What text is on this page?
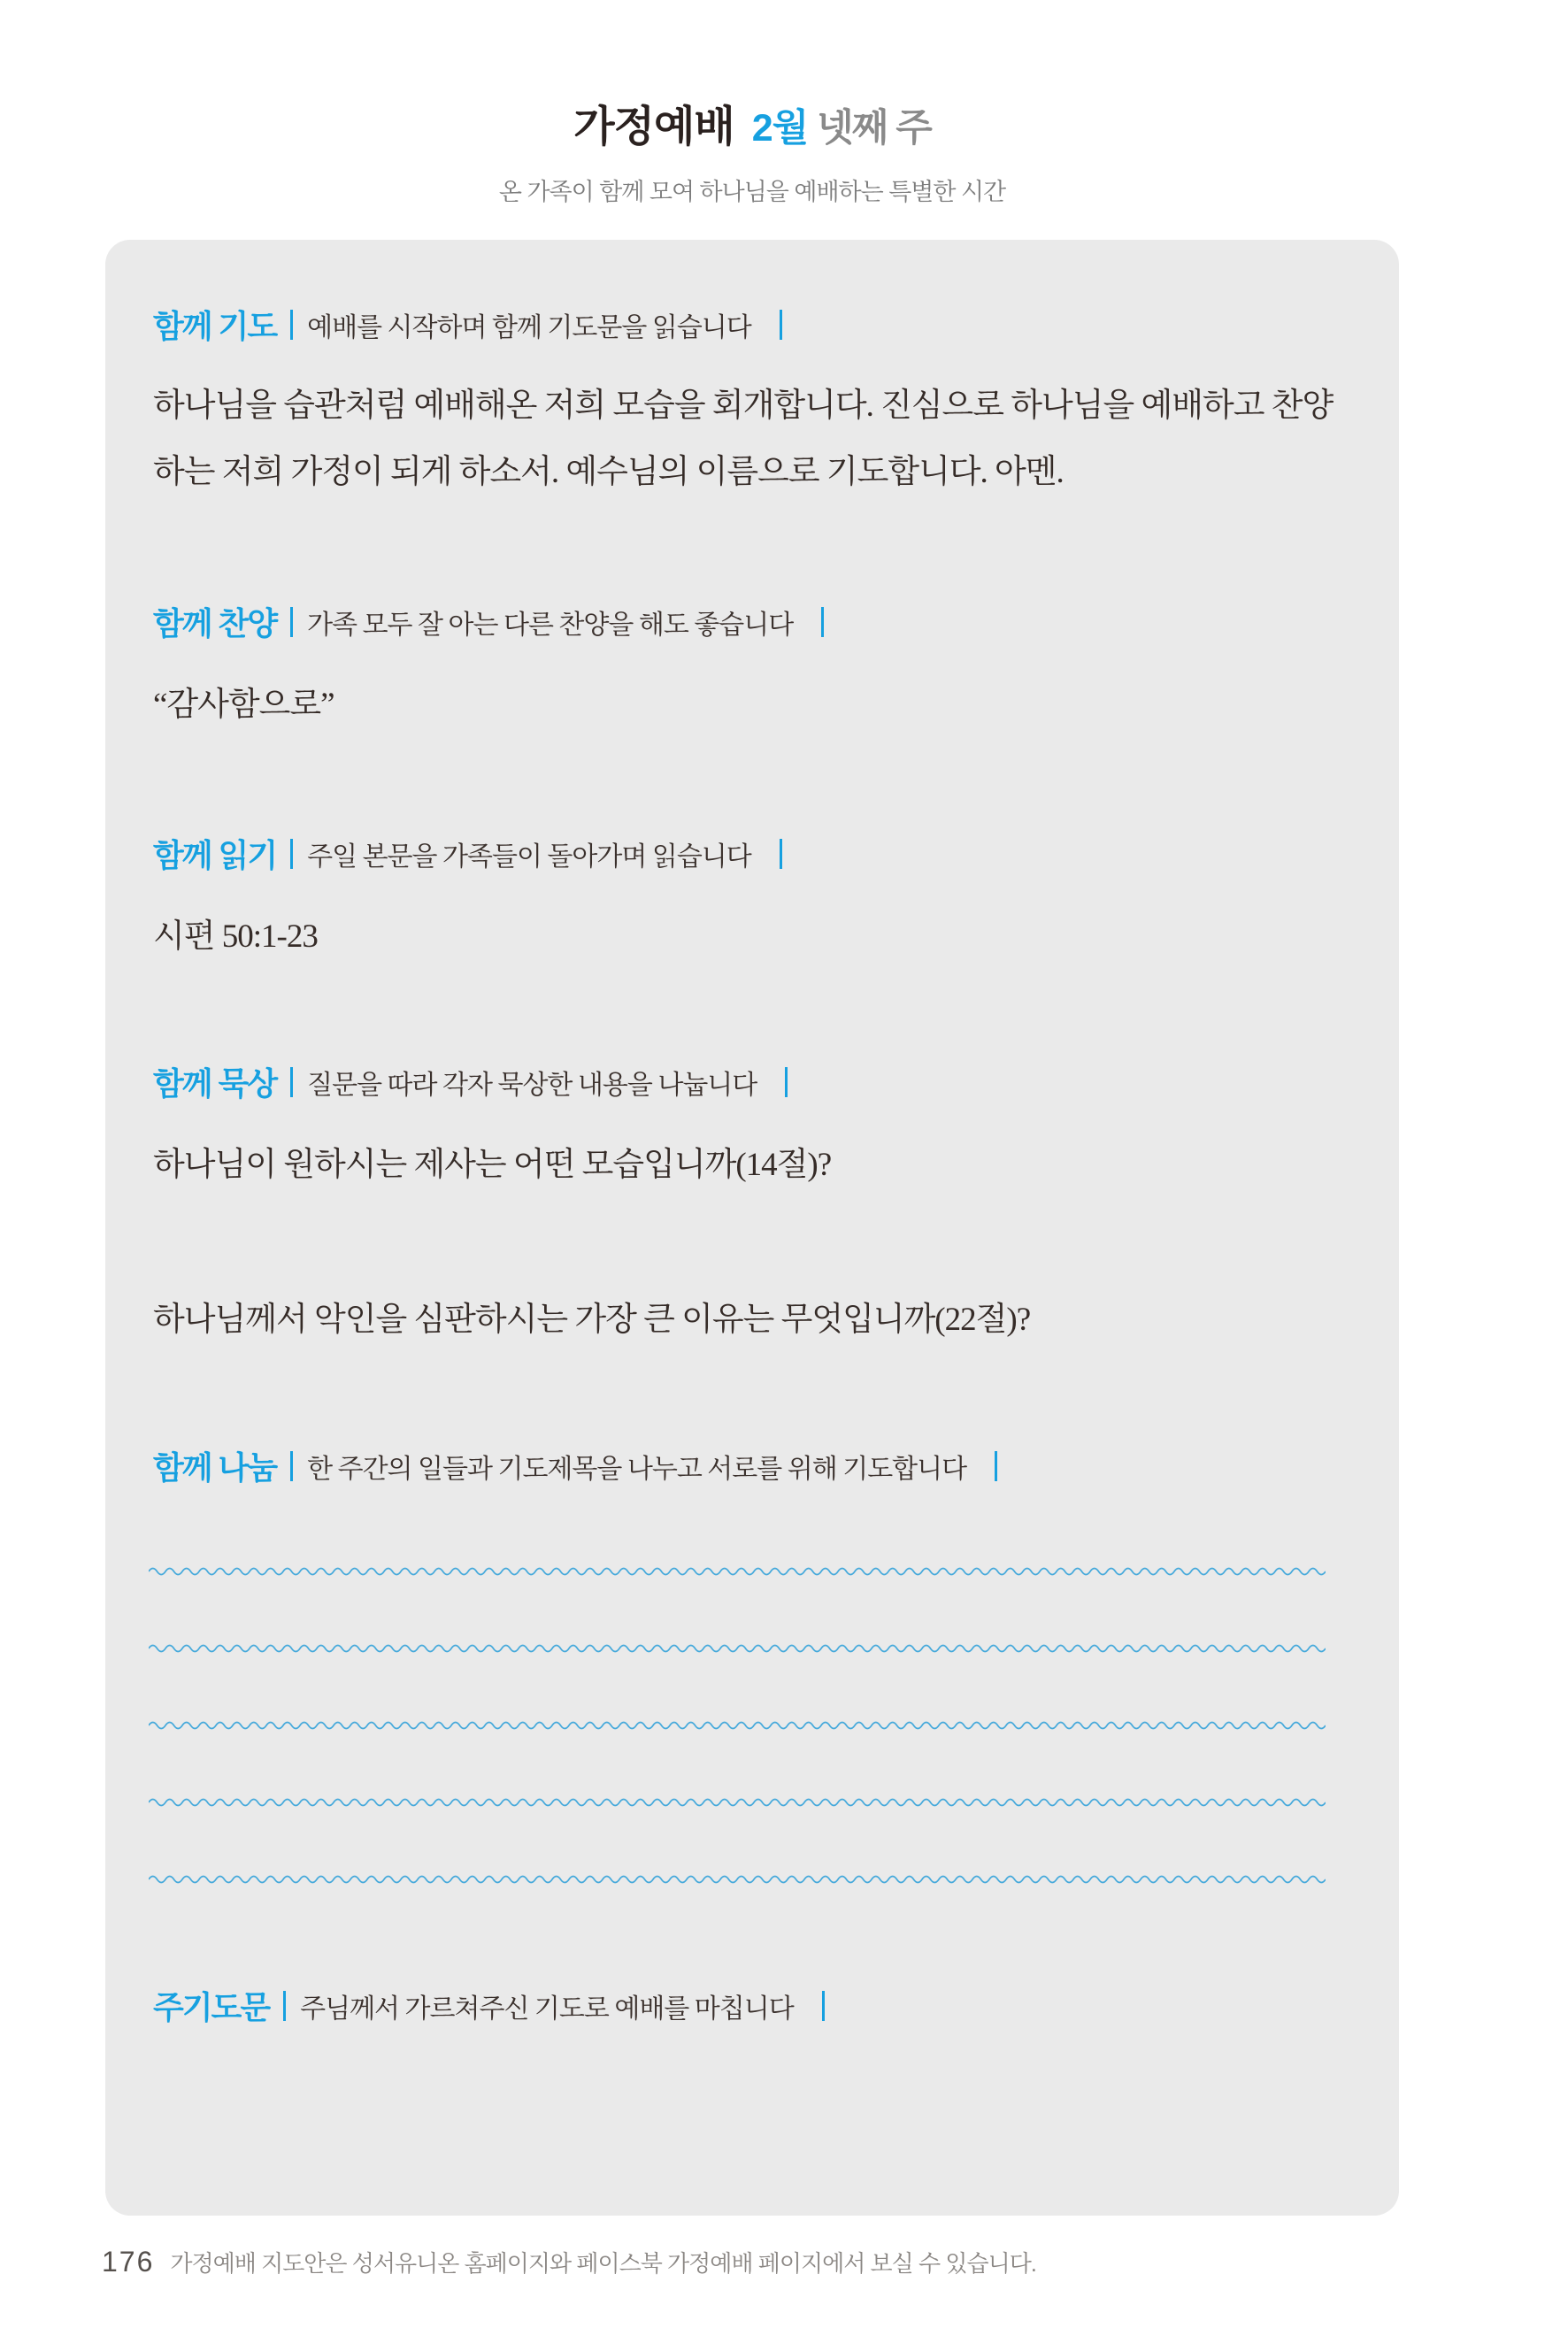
가정예배 2월 넷째 주

온 가족이 함께 모여 하나님을 예배하는 특별한 시간

함께 기도 예배를 시작하며 함께 기도문을 읽습니다

하나님을 습관처럼 예배해온 저희 모습을 회개합니다. 진심으로 하나님을 예배하고 찬양하는 저희 가정이 되게 하소서. 예수님의 이름으로 기도합니다. 아멘.

함께 찬양 가족 모두 잘 아는 다른 찬양을 해도 좋습니다

“감사함으로”

함께 읽기 주일 본문을 가족들이 돌아가며 읽습니다

시편 50:1-23

함께 묵상 질문을 따라 각자 묵상한 내용을 나눕니다

하나님이 원하시는 제사는 어떤 모습입니까(14절)?

하나님께서 악인을 심판하시는 가장 큰 이유는 무엇입니까(22절)?

함께 나눔 한 주간의 일들과 기도제목을 나누고 서로를 위해 기도합니다
주기도문 주님께서 가르쳐주신 기도로 예배를 마칩니다
176 가정예배 지도안은 성서유니온 홈페이지와 페이스북 가정예배 페이지에서 보실 수 있습니다.
